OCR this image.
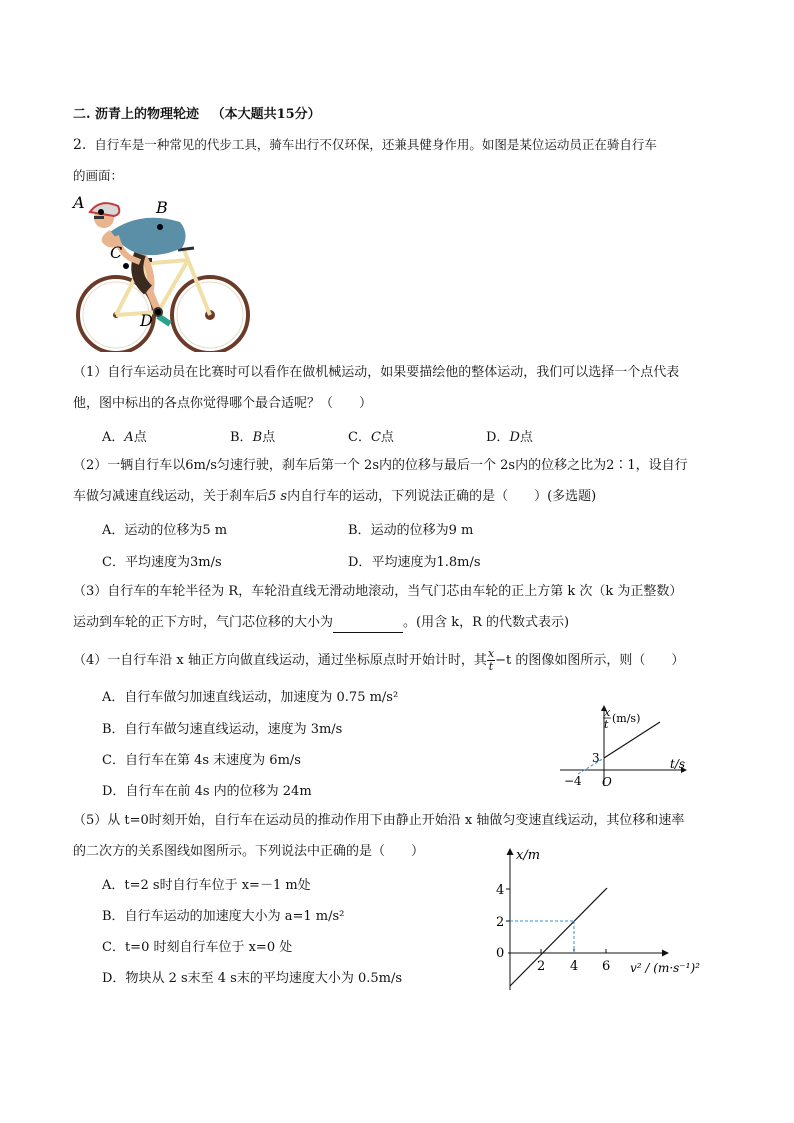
二. 沥青上的物理轮迹 （本大题共15分）
2. 自行车是一种常见的代步工具，骑车出行不仅环保，还兼具健身作用。如图是某位运动员正在骑自行车
的画面：
A	B
C
D
（1）自行车运动员在比赛时可以看作在做机械运动，如果要描绘他的整体运动，我们可以选择一个点代表
他，图中标出的各点你觉得哪个最合适呢？（　　）
A．A点	B．B点	C．C点	D．D点
（2）一辆自行车以6m/s匀速行驶，刹车后第一个 2s内的位移与最后一个 2s内的位移之比为2∶1，设自行
车做匀减速直线运动，关于刹车后5 s内自行车的运动，下列说法正确的是（　　）(多选题)
A．运动的位移为5 m	B．运动的位移为9 m
C．平均速度为3m/s	D．平均速度为1.8m/s
（3）自行车的车轮半径为 R，车轮沿直线无滑动地滚动，当气门芯由车轮的正上方第 k 次（k 为正整数）
运动到车轮的正下方时，气门芯位移的大小为	。(用含 k，R 的代数式表示)
（4）一自行车沿 x 轴正方向做直线运动，通过坐标原点时开始计时，其 $\frac{x}{t} -t$ 的图像如图所示，则（　　）
A．自行车做匀加速直线运动，加速度为 0.75 m/s²
B．自行车做匀速直线运动，速度为 3m/s
C．自行车在第 4s 末速度为 6m/s
D．自行车在前 4s 内的位移为 24m
x
t (m/s)
t/s
3
−4 O
（5）从 t=0时刻开始，自行车在运动员的推动作用下由静止开始沿 x 轴做匀变速直线运动，其位移和速率
的二次方的关系图线如图所示。下列说法中正确的是（　　）
A．t=2 s时自行车位于 x=－1 m处
B．自行车运动的加速度大小为 a=1 m/s²
C．t=0 时刻自行车位于 x=0 处
D．物块从 2 s末至 4 s末的平均速度大小为 0.5m/s
x/m
4
2
0
2 4 6 v² / (m·s⁻¹)²
